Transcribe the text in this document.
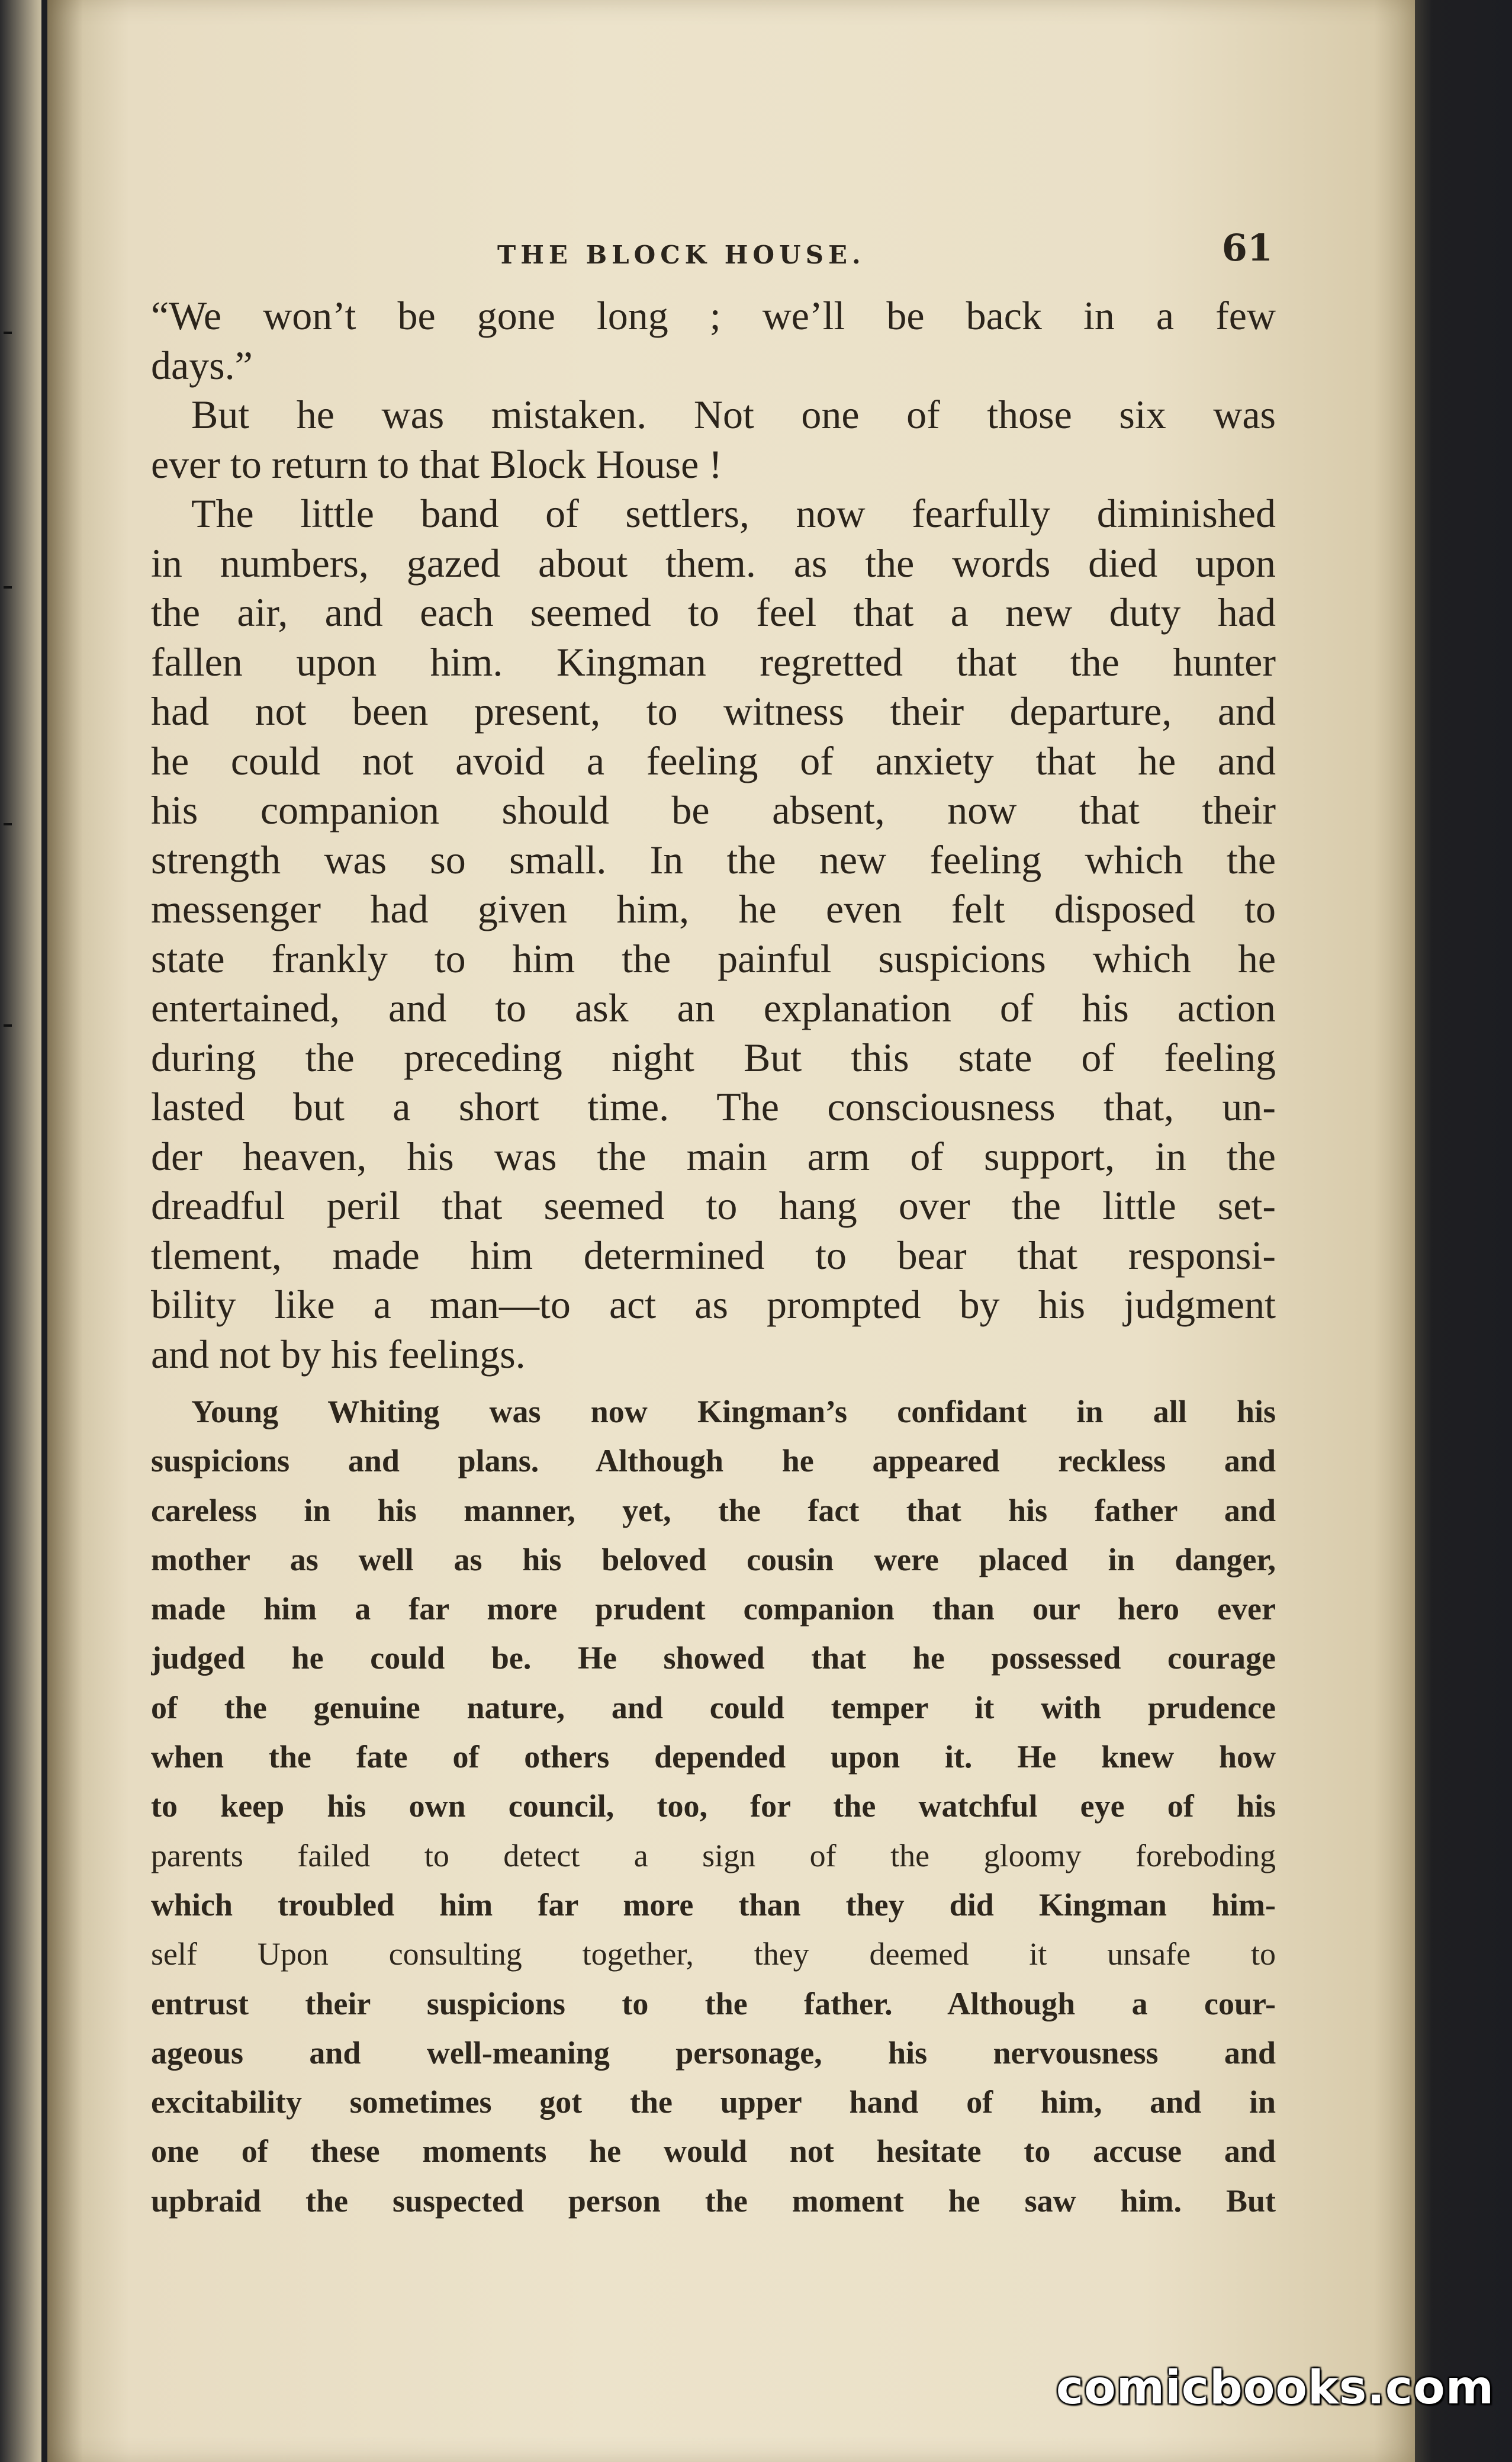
THE BLOCK HOUSE.	61
“We won’t be gone long ; we’ll be back in a few
days.”
But he was mistaken. Not one of those six was
ever to return to that Block House !
The little band of settlers, now fearfully diminished
in numbers, gazed about them. as the words died upon
the air, and each seemed to feel that a new duty had
fallen upon him. Kingman regretted that the hunter
had not been present, to witness their departure, and
he could not avoid a feeling of anxiety that he and
his companion should be absent, now that their
strength was so small. In the new feeling which the
messenger had given him, he even felt disposed to
state frankly to him the painful suspicions which he
entertained, and to ask an explanation of his action
during the preceding night But this state of feeling
lasted but a short time. The consciousness that, un-
der heaven, his was the main arm of support, in the
dreadful peril that seemed to hang over the little set-
tlement, made him determined to bear that responsi-
bility like a man—to act as prompted by his judgment
and not by his feelings.
Young Whiting was now Kingman’s confidant in all his
suspicions and plans. Although he appeared reckless and
careless in his manner, yet, the fact that his father and
mother as well as his beloved cousin were placed in danger,
made him a far more prudent companion than our hero ever
judged he could be. He showed that he possessed courage
of the genuine nature, and could temper it with prudence
when the fate of others depended upon it. He knew how
to keep his own council, too, for the watchful eye of his
parents failed to detect a sign of the gloomy foreboding
which troubled him far more than they did Kingman him-
self Upon consulting together, they deemed it unsafe to
entrust their suspicions to the father. Although a cour-
ageous and well-meaning personage, his nervousness and
excitability sometimes got the upper hand of him, and in
one of these moments he would not hesitate to accuse and
upbraid the suspected person the moment he saw him. But
comicbooks.com
